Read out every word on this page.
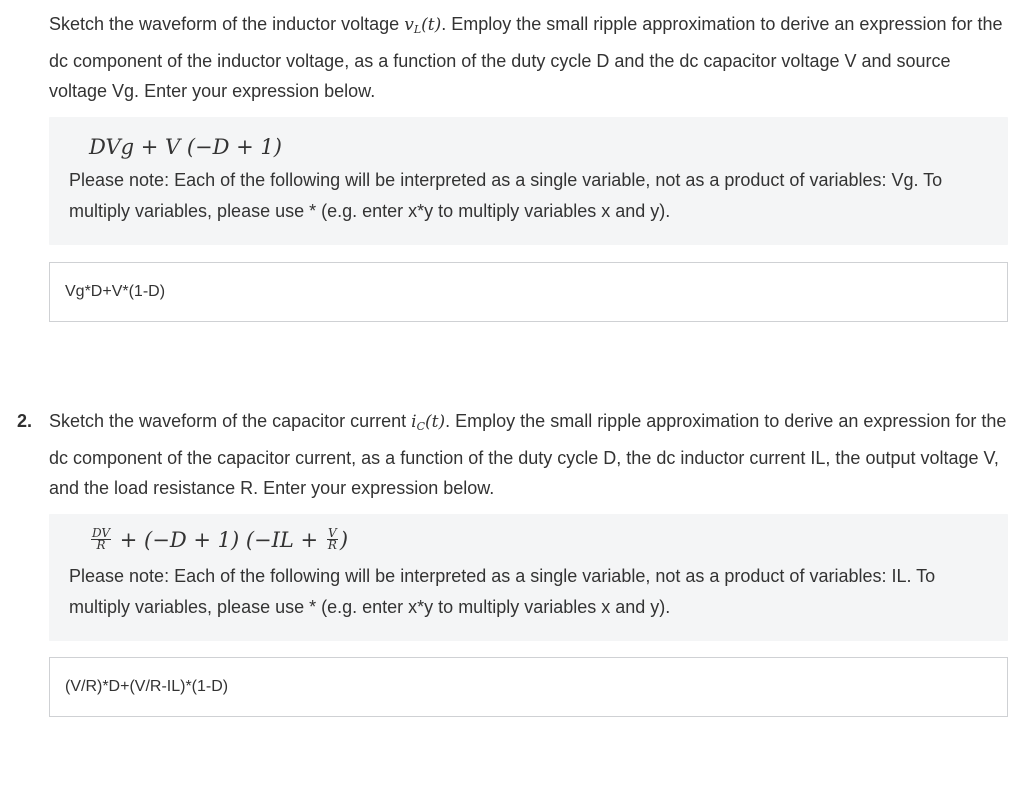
Sketch the waveform of the inductor voltage $v_L(t)$. Employ the small ripple approximation to derive an expression for the dc component of the inductor voltage, as a function of the duty cycle D and the dc capacitor voltage V and source voltage Vg. Enter your expression below.
DVg + V (−D + 1)
Please note: Each of the following will be interpreted as a single variable, not as a product of variables: Vg. To multiply variables, please use * (e.g. enter x*y to multiply variables x and y).
Vg*D+V*(1-D)
2. Sketch the waveform of the capacitor current $i_C(t)$. Employ the small ripple approximation to derive an expression for the dc component of the capacitor current, as a function of the duty cycle D, the dc inductor current IL, the output voltage V, and the load resistance R. Enter your expression below.
$\frac{DV}{R} + (-D + 1) (-IL + \frac{V}{R}$ )
Please note: Each of the following will be interpreted as a single variable, not as a product of variables: IL. To multiply variables, please use * (e.g. enter x*y to multiply variables x and y).
(V/R)*D+(V/R-IL)*(1-D)
